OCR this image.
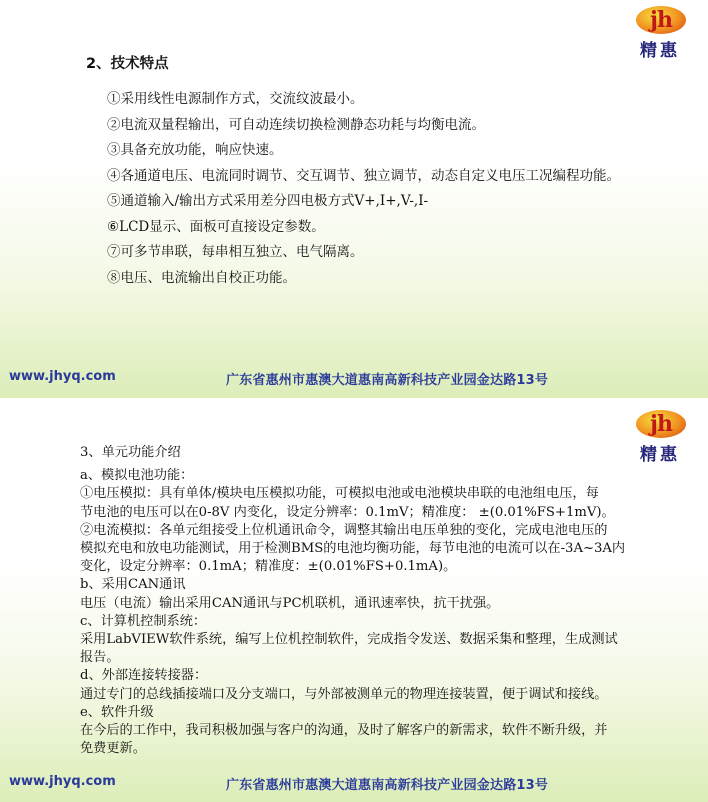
jh
精惠
2、技术特点
①采用线性电源制作方式，交流纹波最小。
②电流双量程输出，可自动连续切换检测静态功耗与均衡电流。
③具备充放功能，响应快速。
④各通道电压、电流同时调节、交互调节、独立调节，动态自定义电压工况编程功能。
⑤通道输入/输出方式采用差分四电极方式V+,I+,V-,I-
⑥LCD显示、面板可直接设定参数。
⑦可多节串联，每串相互独立、电气隔离。
⑧电压、电流输出自校正功能。
www.jhyq.com	广东省惠州市惠澳大道惠南高新科技产业园金达路13号
jh
精惠
3、单元功能介绍
a、模拟电池功能：
①电压模拟：具有单体/模块电压模拟功能，可模拟电池或电池模块串联的电池组电压，每
节电池的电压可以在0-8V 内变化，设定分辨率：0.1mV；精准度： ±(0.01%FS+1mV)。
②电流模拟：各单元组接受上位机通讯命令，调整其输出电压单独的变化，完成电池电压的
模拟充电和放电功能测试，用于检测BMS的电池均衡功能，每节电池的电流可以在-3A~3A内
变化，设定分辨率：0.1mA；精准度：±(0.01%FS+0.1mA)。
b、采用CAN通讯
电压（电流）输出采用CAN通讯与PC机联机，通讯速率快，抗干扰强。
c、计算机控制系统：
采用LabVIEW软件系统，编写上位机控制软件，完成指令发送、数据采集和整理，生成测试
报告。
d、外部连接转接器：
通过专门的总线插接端口及分支端口，与外部被测单元的物理连接装置，便于调试和接线。
e、软件升级
在今后的工作中，我司积极加强与客户的沟通，及时了解客户的新需求，软件不断升级，并
免费更新。
www.jhyq.com	广东省惠州市惠澳大道惠南高新科技产业园金达路13号
